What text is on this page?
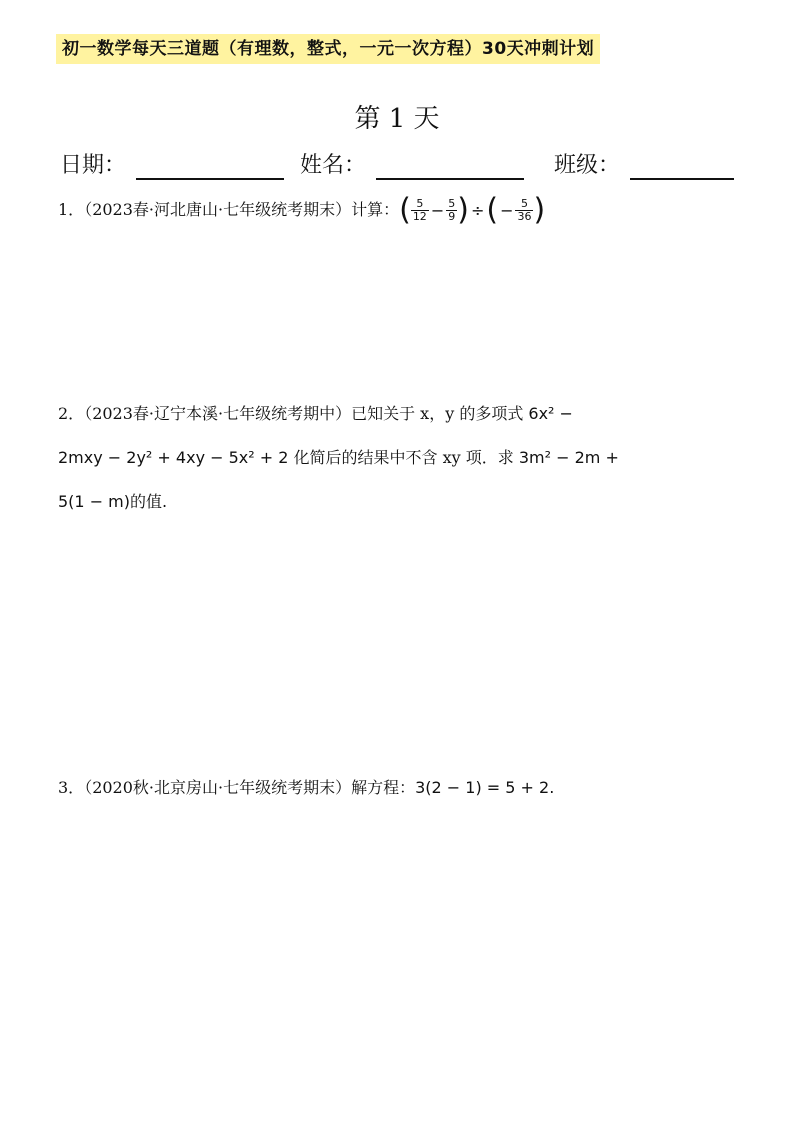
初一数学每天三道题（有理数，整式，一元一次方程）30天冲刺计划
第 1 天
日期：	姓名：	班级：
1．（2023春·河北唐山·七年级统考期末）计算：( $\frac{5}{12} - \frac{5}{9}$ ) ÷( − $\frac{5}{36}$ )
2．（2023春·辽宁本溪·七年级统考期中）已知关于 x，y 的多项式 6x² −
2mxy − 2y² + 4xy − 5x² + 2 化简后的结果中不含 xy 项．求 3m² − 2m +
5(1 − m)的值.
3．（2020秋·北京房山·七年级统考期末）解方程：3(2 − 1) = 5 + 2.
